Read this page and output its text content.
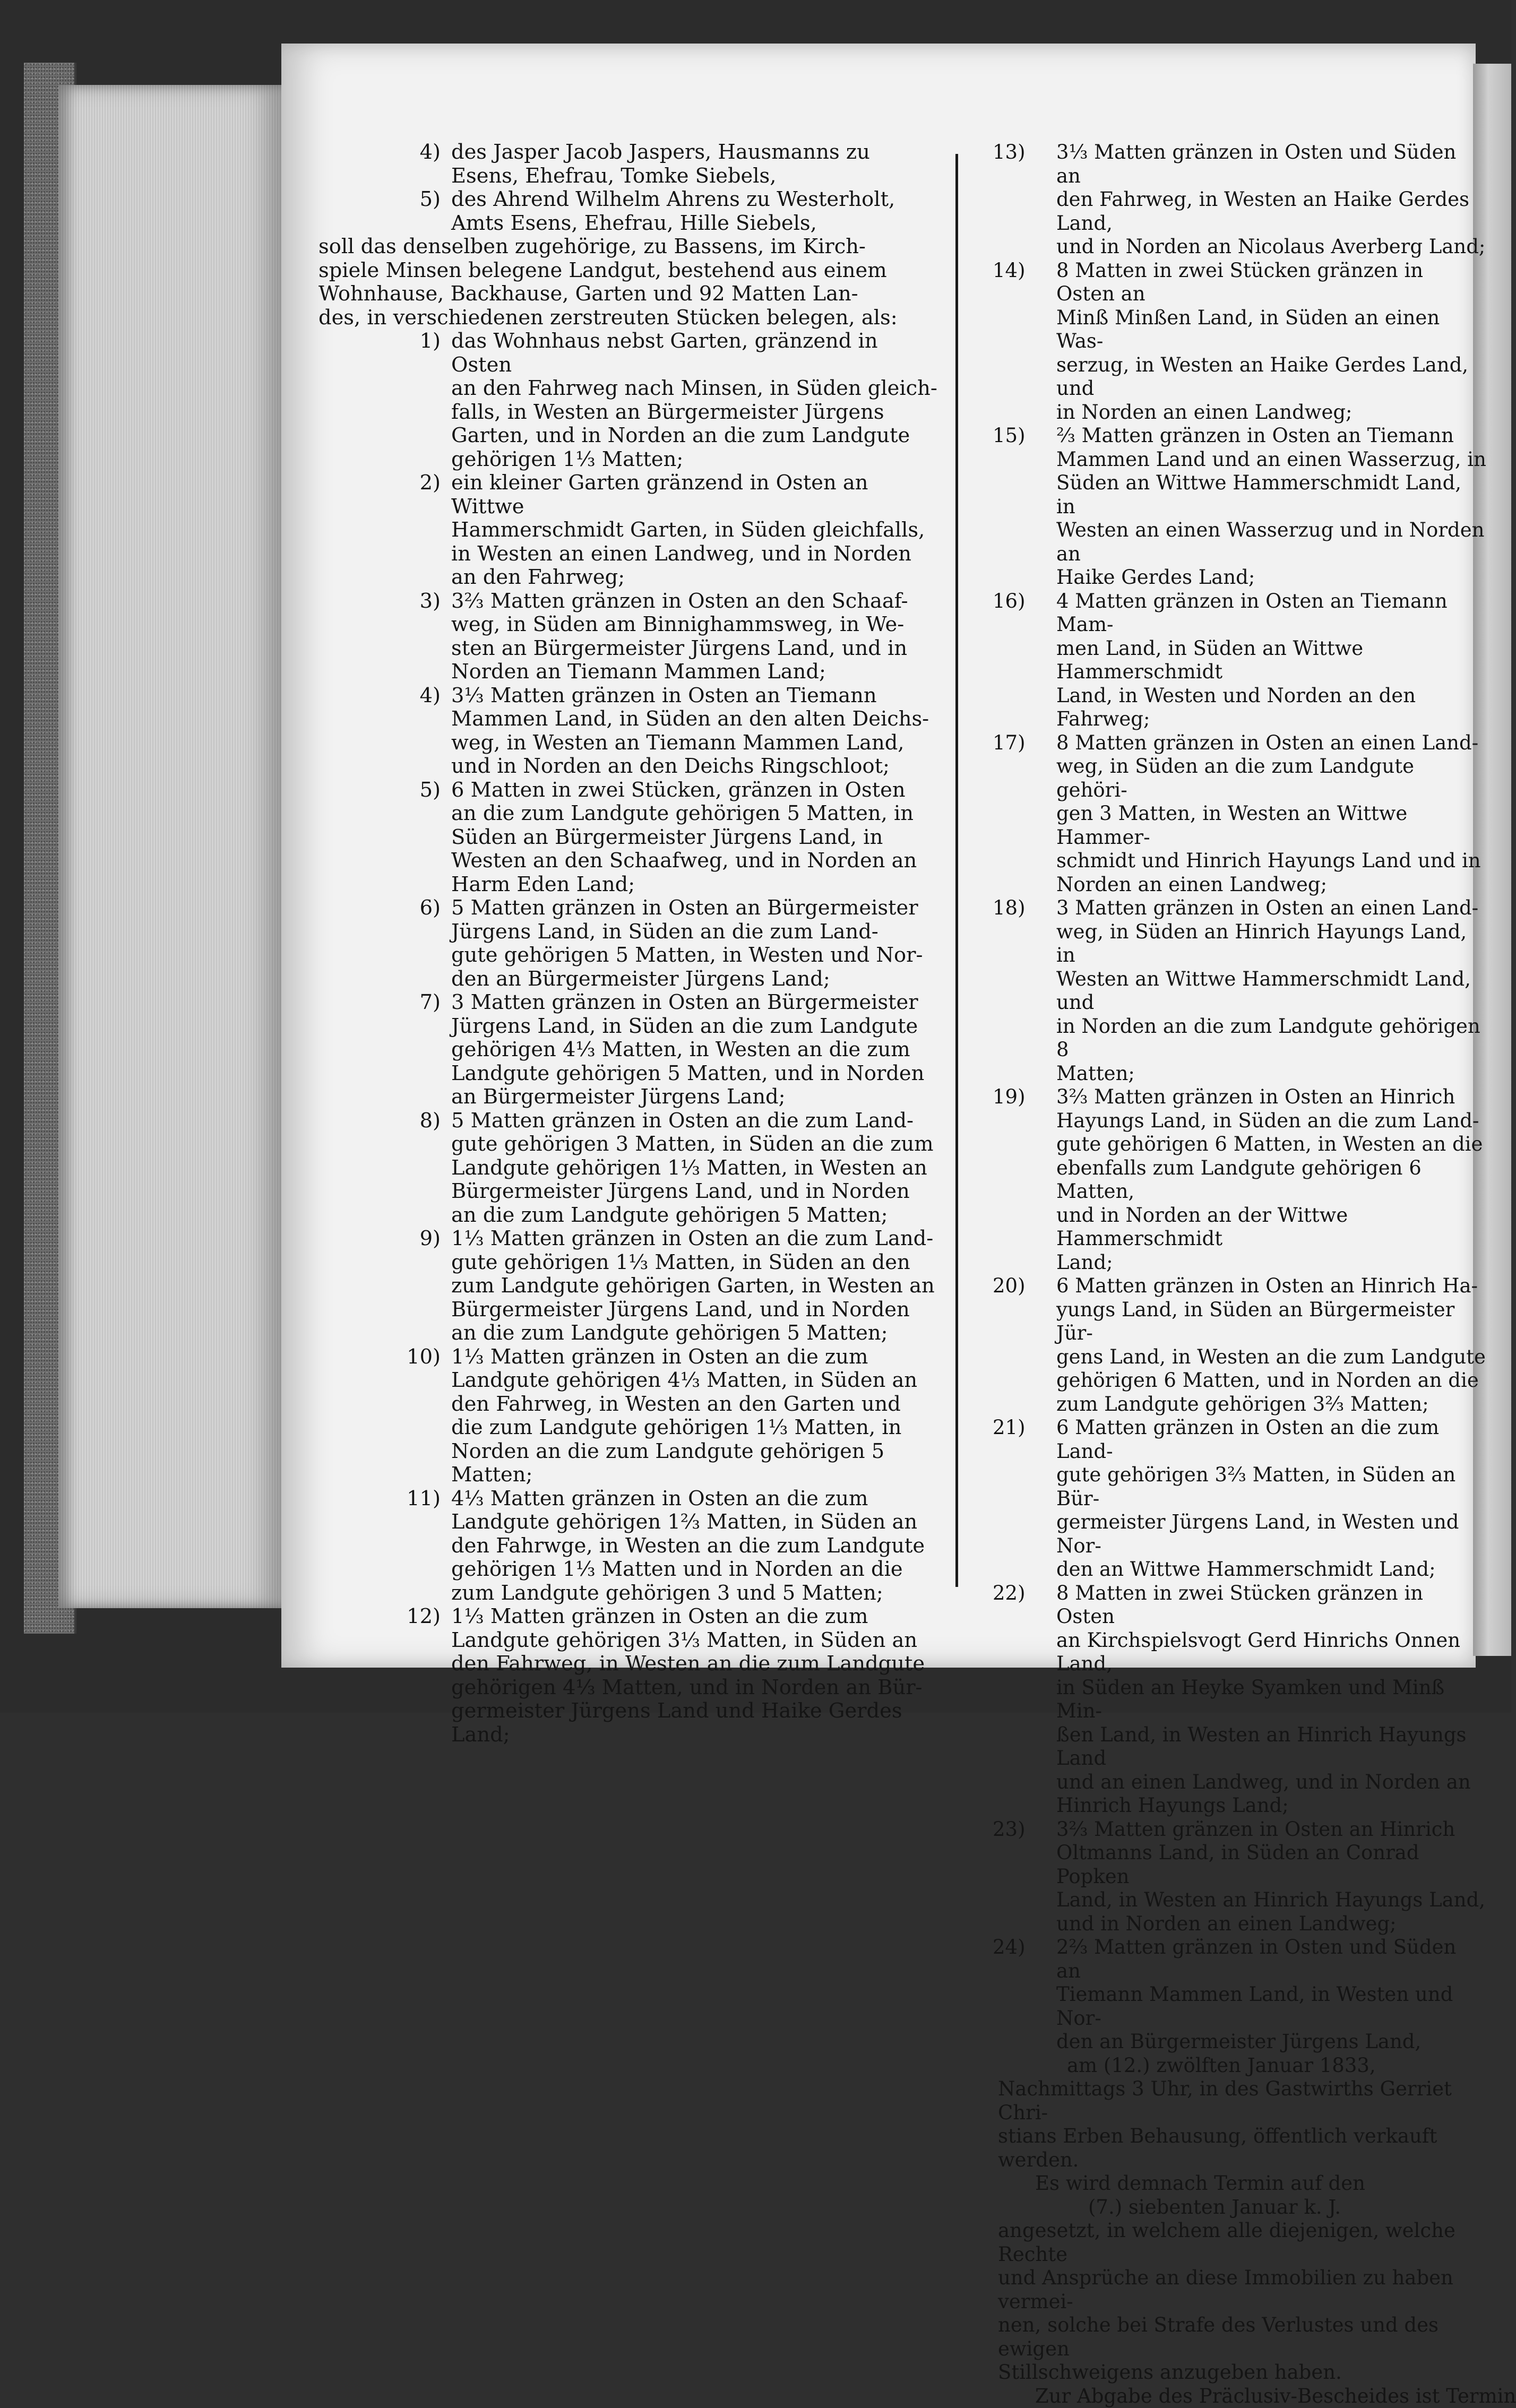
4) des Jasper Jacob Jaspers, Hausmanns zu
Esens, Ehefrau, Tomke Siebels,
5) des Ahrend Wilhelm Ahrens zu Westerholt,
Amts Esens, Ehefrau, Hille Siebels,
soll das denselben zugehörige, zu Bassens, im Kirch-
spiele Minsen belegene Landgut, bestehend aus einem
Wohnhause, Backhause, Garten und 92 Matten Lan-
des, in verschiedenen zerstreuten Stücken belegen, als:
1) das Wohnhaus nebst Garten, gränzend in Osten
an den Fahrweg nach Minsen, in Süden gleich-
falls, in Westen an Bürgermeister Jürgens
Garten, und in Norden an die zum Landgute
gehörigen 1⅓ Matten;
2) ein kleiner Garten gränzend in Osten an Wittwe
Hammerschmidt Garten, in Süden gleichfalls,
in Westen an einen Landweg, und in Norden
an den Fahrweg;
3) 3⅔ Matten gränzen in Osten an den Schaaf-
weg, in Süden am Binnighammsweg, in We-
sten an Bürgermeister Jürgens Land, und in
Norden an Tiemann Mammen Land;
4) 3⅓ Matten gränzen in Osten an Tiemann
Mammen Land, in Süden an den alten Deichs-
weg, in Westen an Tiemann Mammen Land,
und in Norden an den Deichs Ringschloot;
5) 6 Matten in zwei Stücken, gränzen in Osten
an die zum Landgute gehörigen 5 Matten, in
Süden an Bürgermeister Jürgens Land, in
Westen an den Schaafweg, und in Norden an
Harm Eden Land;
6) 5 Matten gränzen in Osten an Bürgermeister
Jürgens Land, in Süden an die zum Land-
gute gehörigen 5 Matten, in Westen und Nor-
den an Bürgermeister Jürgens Land;
7) 3 Matten gränzen in Osten an Bürgermeister
Jürgens Land, in Süden an die zum Landgute
gehörigen 4⅓ Matten, in Westen an die zum
Landgute gehörigen 5 Matten, und in Norden
an Bürgermeister Jürgens Land;
8) 5 Matten gränzen in Osten an die zum Land-
gute gehörigen 3 Matten, in Süden an die zum
Landgute gehörigen 1⅓ Matten, in Westen an
Bürgermeister Jürgens Land, und in Norden
an die zum Landgute gehörigen 5 Matten;
9) 1⅓ Matten gränzen in Osten an die zum Land-
gute gehörigen 1⅓ Matten, in Süden an den
zum Landgute gehörigen Garten, in Westen an
Bürgermeister Jürgens Land, und in Norden
an die zum Landgute gehörigen 5 Matten;
10) 1⅓ Matten gränzen in Osten an die zum
Landgute gehörigen 4⅓ Matten, in Süden an
den Fahrweg, in Westen an den Garten und
die zum Landgute gehörigen 1⅓ Matten, in
Norden an die zum Landgute gehörigen 5 Matten;
11) 4⅓ Matten gränzen in Osten an die zum
Landgute gehörigen 1⅔ Matten, in Süden an
den Fahrwge, in Westen an die zum Landgute
gehörigen 1⅓ Matten und in Norden an die
zum Landgute gehörigen 3 und 5 Matten;
12) 1⅓ Matten gränzen in Osten an die zum
Landgute gehörigen 3⅓ Matten, in Süden an
den Fahrweg, in Westen an die zum Landgute
gehörigen 4⅓ Matten, und in Norden an Bür-
germeister Jürgens Land und Haike Gerdes Land;
13)	3⅓ Matten gränzen in Osten und Süden an
den Fahrweg, in Westen an Haike Gerdes Land,
und in Norden an Nicolaus Averberg Land;
14)	8 Matten in zwei Stücken gränzen in Osten an
Minß Minßen Land, in Süden an einen Was-
serzug, in Westen an Haike Gerdes Land, und
in Norden an einen Landweg;
15)	⅔ Matten gränzen in Osten an Tiemann
Mammen Land und an einen Wasserzug, in
Süden an Wittwe Hammerschmidt Land, in
Westen an einen Wasserzug und in Norden an
Haike Gerdes Land;
16)	4 Matten gränzen in Osten an Tiemann Mam-
men Land, in Süden an Wittwe Hammerschmidt
Land, in Westen und Norden an den Fahrweg;
17)	8 Matten gränzen in Osten an einen Land-
weg, in Süden an die zum Landgute gehöri-
gen 3 Matten, in Westen an Wittwe Hammer-
schmidt und Hinrich Hayungs Land und in
Norden an einen Landweg;
18)	3 Matten gränzen in Osten an einen Land-
weg, in Süden an Hinrich Hayungs Land, in
Westen an Wittwe Hammerschmidt Land, und
in Norden an die zum Landgute gehörigen 8
Matten;
19)	3⅔ Matten gränzen in Osten an Hinrich
Hayungs Land, in Süden an die zum Land-
gute gehörigen 6 Matten, in Westen an die
ebenfalls zum Landgute gehörigen 6 Matten,
und in Norden an der Wittwe Hammerschmidt
Land;
20)	6 Matten gränzen in Osten an Hinrich Ha-
yungs Land, in Süden an Bürgermeister Jür-
gens Land, in Westen an die zum Landgute
gehörigen 6 Matten, und in Norden an die
zum Landgute gehörigen 3⅔ Matten;
21)	6 Matten gränzen in Osten an die zum Land-
gute gehörigen 3⅔ Matten, in Süden an Bür-
germeister Jürgens Land, in Westen und Nor-
den an Wittwe Hammerschmidt Land;
22)	8 Matten in zwei Stücken gränzen in Osten
an Kirchspielsvogt Gerd Hinrichs Onnen Land,
in Süden an Heyke Syamken und Minß Min-
ßen Land, in Westen an Hinrich Hayungs Land
und an einen Landweg, und in Norden an
Hinrich Hayungs Land;
23)	3⅔ Matten gränzen in Osten an Hinrich
Oltmanns Land, in Süden an Conrad Popken
Land, in Westen an Hinrich Hayungs Land,
und in Norden an einen Landweg;
24)	2⅔ Matten gränzen in Osten und Süden an
Tiemann Mammen Land, in Westen und Nor-
den an Bürgermeister Jürgens Land,
am (12.) zwölften Januar 1833,
Nachmittags 3 Uhr, in des Gastwirths Gerriet Chri-
stians Erben Behausung, öffentlich verkauft werden.
Es wird demnach Termin auf den
(7.) siebenten Januar k. J.
angesetzt, in welchem alle diejenigen, welche Rechte
und Ansprüche an diese Immobilien zu haben vermei-
nen, solche bei Strafe des Verlustes und des ewigen
Stillschweigens anzugeben haben.
Zur Abgabe des Präclusiv-Bescheides ist Termin
